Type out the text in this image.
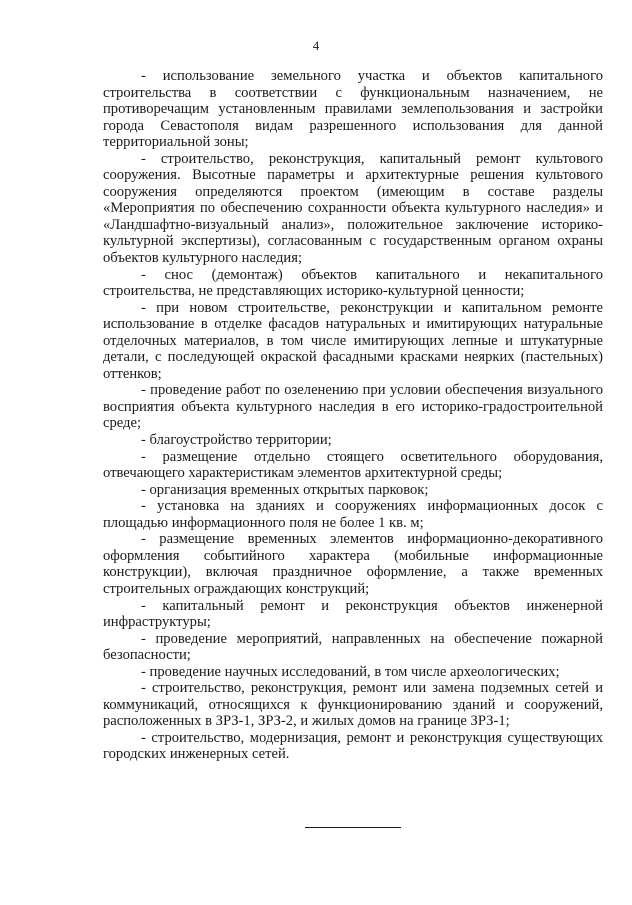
4

- использование земельного участка и объектов капитального строительства в соответствии с функциональным назначением, не противоречащим установленным правилами землепользования и застройки города Севастополя видам разрешенного использования для данной территориальной зоны;

- строительство, реконструкция, капитальный ремонт культового сооружения. Высотные параметры и архитектурные решения культового сооружения определяются проектом (имеющим в составе разделы «Мероприятия по обеспечению сохранности объекта культурного наследия» и «Ландшафтно-визуальный анализ», положительное заключение историко-культурной экспертизы), согласованным с государственным органом охраны объектов культурного наследия;

- снос (демонтаж) объектов капитального и некапитального строительства, не представляющих историко-культурной ценности;

- при новом строительстве, реконструкции и капитальном ремонте использование в отделке фасадов натуральных и имитирующих натуральные отделочных материалов, в том числе имитирующих лепные и штукатурные детали, с последующей окраской фасадными красками неярких (пастельных) оттенков;

- проведение работ по озеленению при условии обеспечения визуального восприятия объекта культурного наследия в его историко-градостроительной среде;

- благоустройство территории;

- размещение отдельно стоящего осветительного оборудования, отвечающего характеристикам элементов архитектурной среды;

- организация временных открытых парковок;

- установка на зданиях и сооружениях информационных досок с площадью информационного поля не более 1 кв. м;

- размещение временных элементов информационно-декоративного оформления событийного характера (мобильные информационные конструкции), включая праздничное оформление, а также временных строительных ограждающих конструкций;

- капитальный ремонт и реконструкция объектов инженерной инфраструктуры;

- проведение мероприятий, направленных на обеспечение пожарной безопасности;

- проведение научных исследований, в том числе археологических;

- строительство, реконструкция, ремонт или замена подземных сетей и коммуникаций, относящихся к функционированию зданий и сооружений, расположенных в ЗРЗ-1, ЗРЗ-2, и жилых домов на границе ЗРЗ-1;

- строительство, модернизация, ремонт и реконструкция существующих городских инженерных сетей.
